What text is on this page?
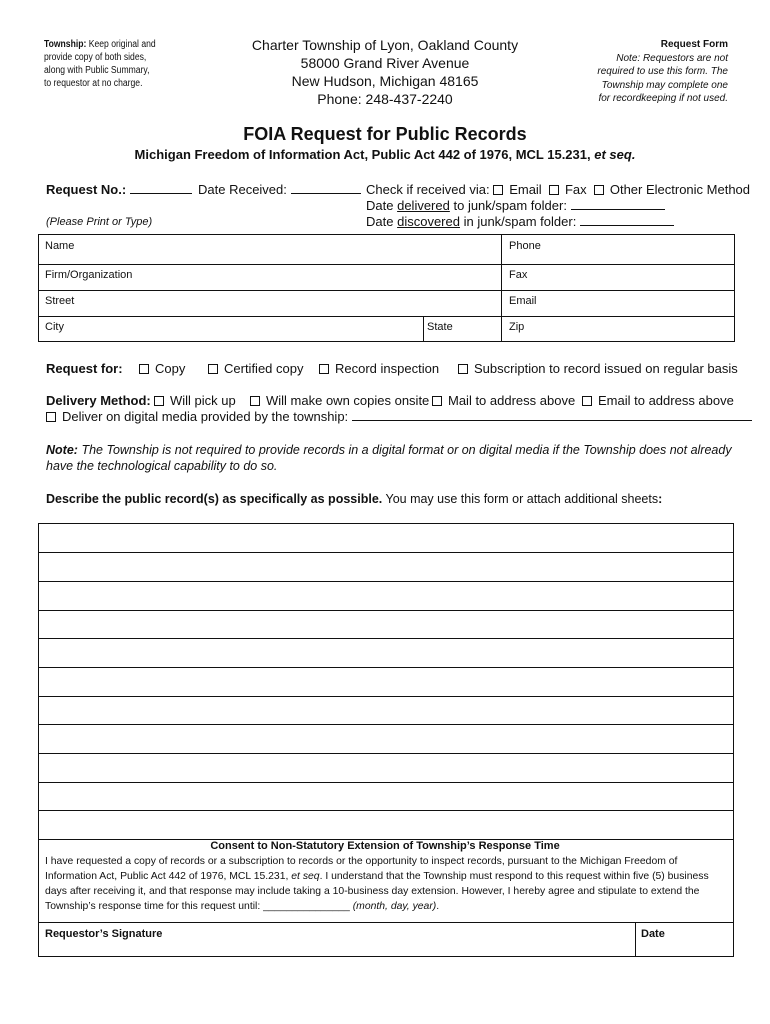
Township: Keep original and
provide copy of both sides,
along with Public Summary,
to requestor at no charge.
Charter Township of Lyon, Oakland County
58000 Grand River Avenue
New Hudson, Michigan 48165
Phone: 248-437-2240
Request Form
Note: Requestors are not
required to use this form. The
Township may complete one
for recordkeeping if not used.
FOIA Request for Public Records
Michigan Freedom of Information Act, Public Act 442 of 1976, MCL 15.231, et seq.
Request No.:	Date Received:	Check if received via: Email Fax Other Electronic Method
Date delivered to junk/spam folder:
Date discovered in junk/spam folder:
(Please Print or Type)
Name	Phone
Firm/Organization	Fax
Street	Email
City	State	Zip
Request for:	Copy	Certified copy	Record inspection	Subscription to record issued on regular basis
Delivery Method:	Will pick up	Will make own copies onsite	Mail to address above	Email to address above
Deliver on digital media provided by the township:
Note: The Township is not required to provide records in a digital format or on digital media if the Township does not already have the technological capability to do so.
Describe the public record(s) as specifically as possible. You may use this form or attach additional sheets:
Consent to Non-Statutory Extension of Township’s Response Time
I have requested a copy of records or a subscription to records or the opportunity to inspect records, pursuant to the Michigan Freedom of
Information Act, Public Act 442 of 1976, MCL 15.231, et seq. I understand that the Township must respond to this request within five (5) business
days after receiving it, and that response may include taking a 10-business day extension. However, I hereby agree and stipulate to extend the
Township’s response time for this request until: _______________ (month, day, year).
Requestor’s Signature	Date
